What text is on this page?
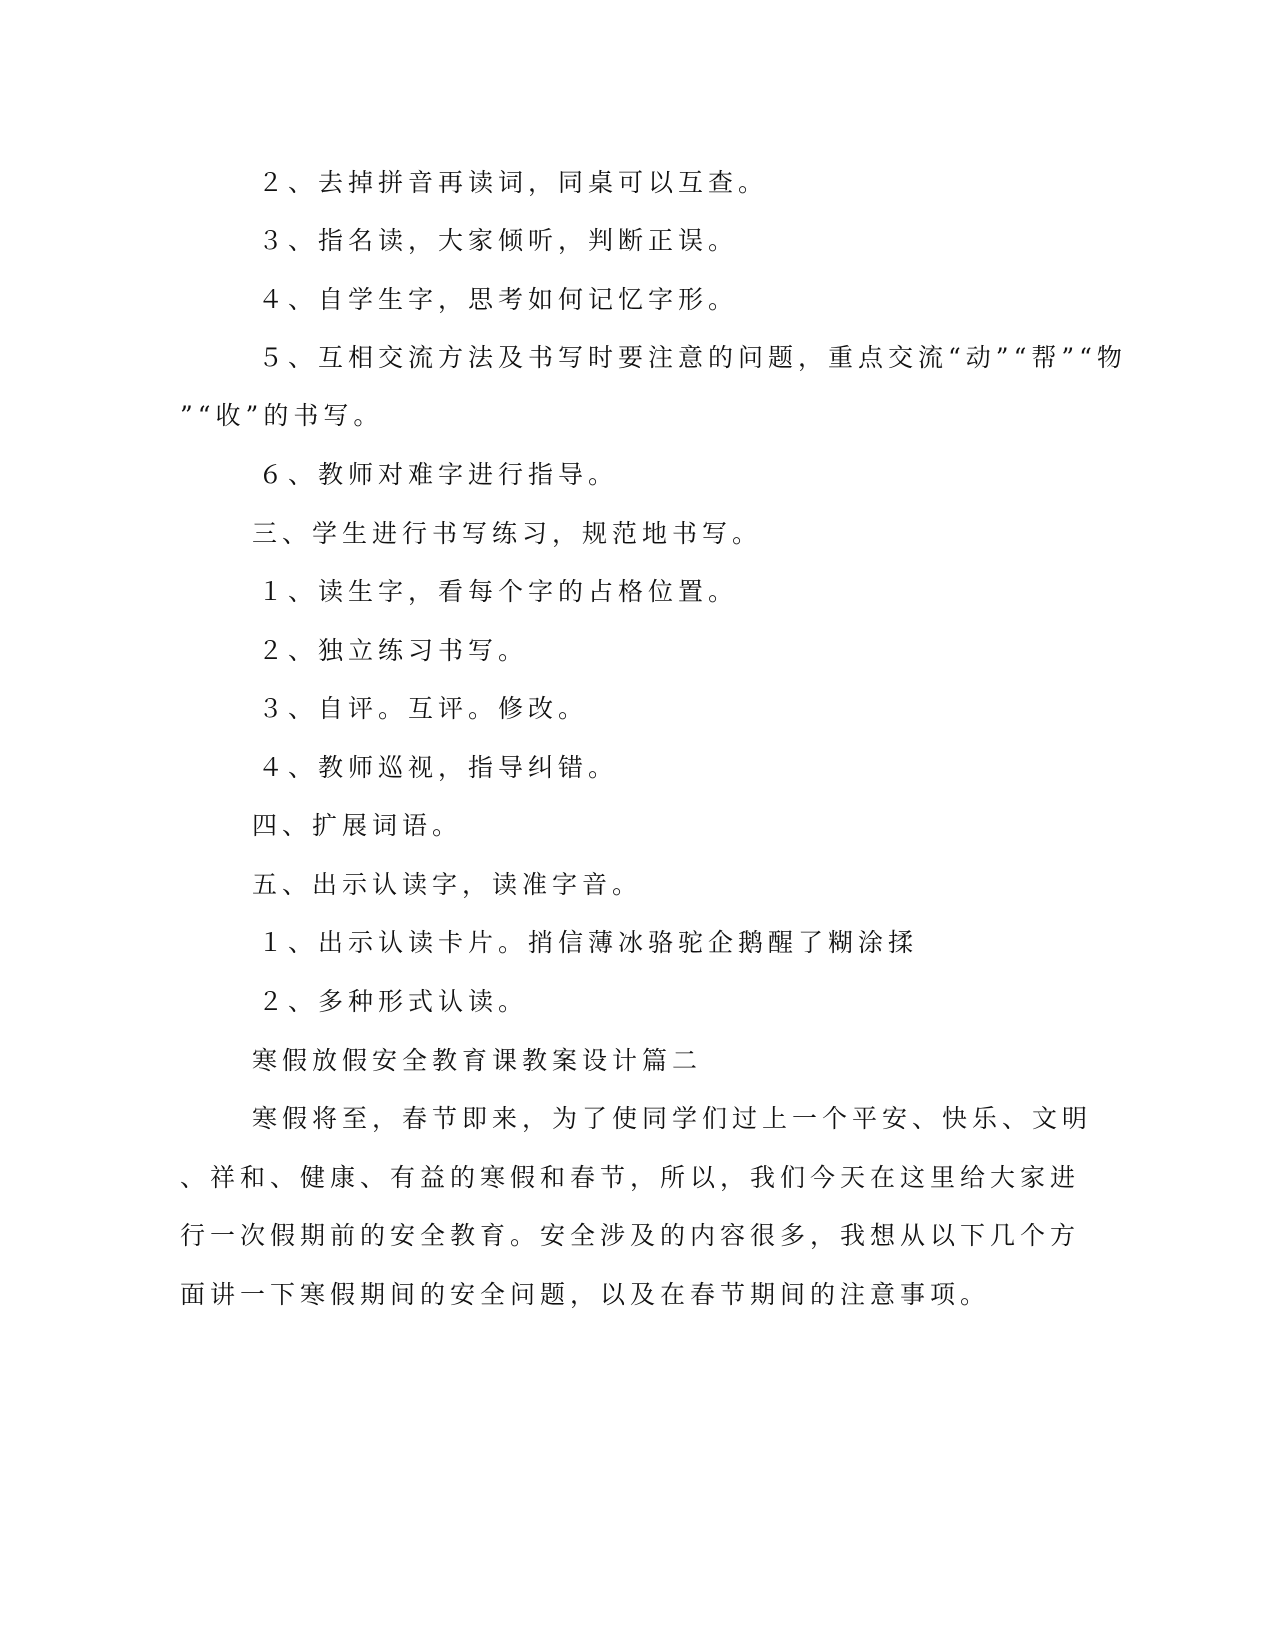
２、去掉拼音再读词，同桌可以互查。

３、指名读，大家倾听，判断正误。

４、自学生字，思考如何记忆字形。

５、互相交流方法及书写时要注意的问题，重点交流“动”“帮”“物

”“收”的书写。

６、教师对难字进行指导。

三、学生进行书写练习，规范地书写。

１、读生字，看每个字的占格位置。

２、独立练习书写。

３、自评。互评。修改。

４、教师巡视，指导纠错。

四、扩展词语。

五、出示认读字，读准字音。

１、出示认读卡片。捎信薄冰骆驼企鹅醒了糊涂揉

２、多种形式认读。

寒假放假安全教育课教案设计篇二

寒假将至，春节即来，为了使同学们过上一个平安、快乐、文明

、祥和、健康、有益的寒假和春节，所以，我们今天在这里给大家进

行一次假期前的安全教育。安全涉及的内容很多，我想从以下几个方

面讲一下寒假期间的安全问题，以及在春节期间的注意事项。
